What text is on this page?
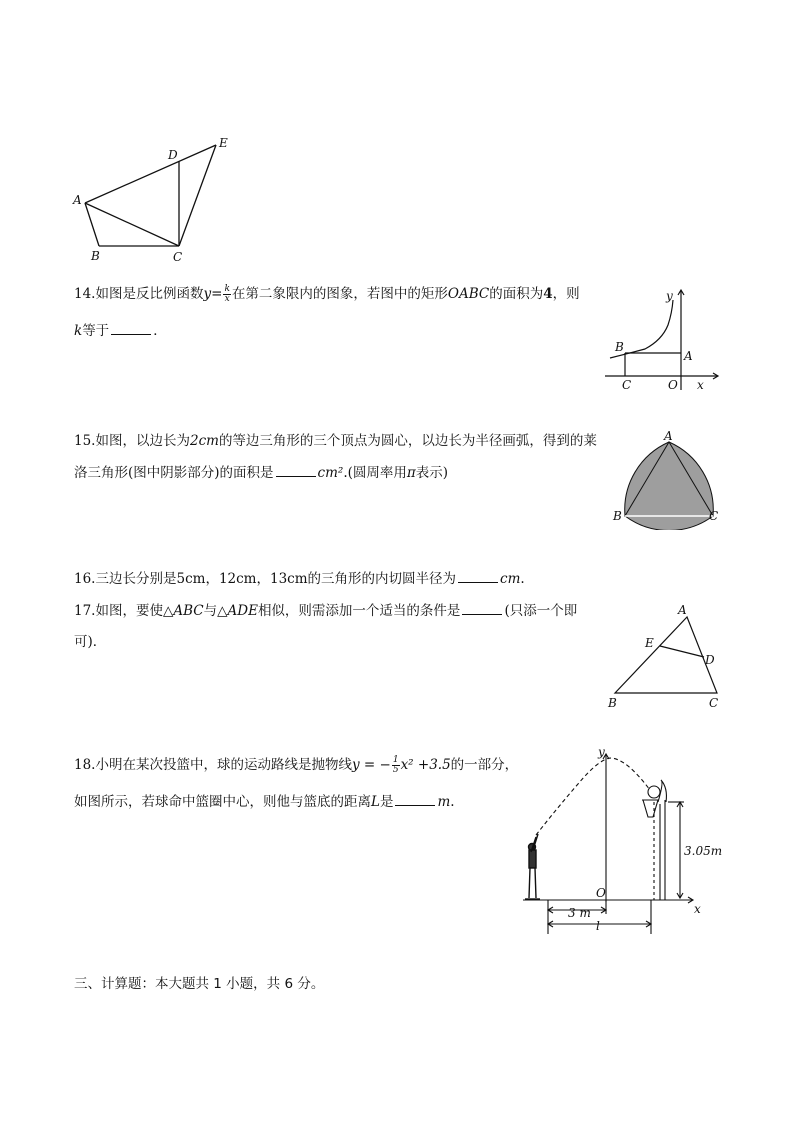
A
B	C
D
E
14.如图是反比例函数$y= \frac{k}{x}$ 在第二象限内的图象，若图中的矩形OABC的面积为4，则
k等于	．
y
x
A
B
C	O
15.如图，以边长为2cm的等边三角形的三个顶点为圆心，以边长为半径画弧，得到的莱
洛三角形(图中阴影部分)的面积是	cm².(圆周率用π表示)
A
B	C
16.三边长分别是5cm，12cm，13cm的三角形的内切圆半径为	cm.
17.如图，要使△ABC与△ADE相似，则需添加一个适当的条件是	(只添一个即
可)．
A
B	C
D
E
18.小明在某次投篮中，球的运动路线是抛物线y = − $\frac{1}{5} x^2 +3.5$的一部分，
如图所示，若球命中篮圈中心，则他与篮底的距离L是	m.
y
x
O
3.05m
3 m
l
三、计算题：本大题共 1 小题，共 6 分。
